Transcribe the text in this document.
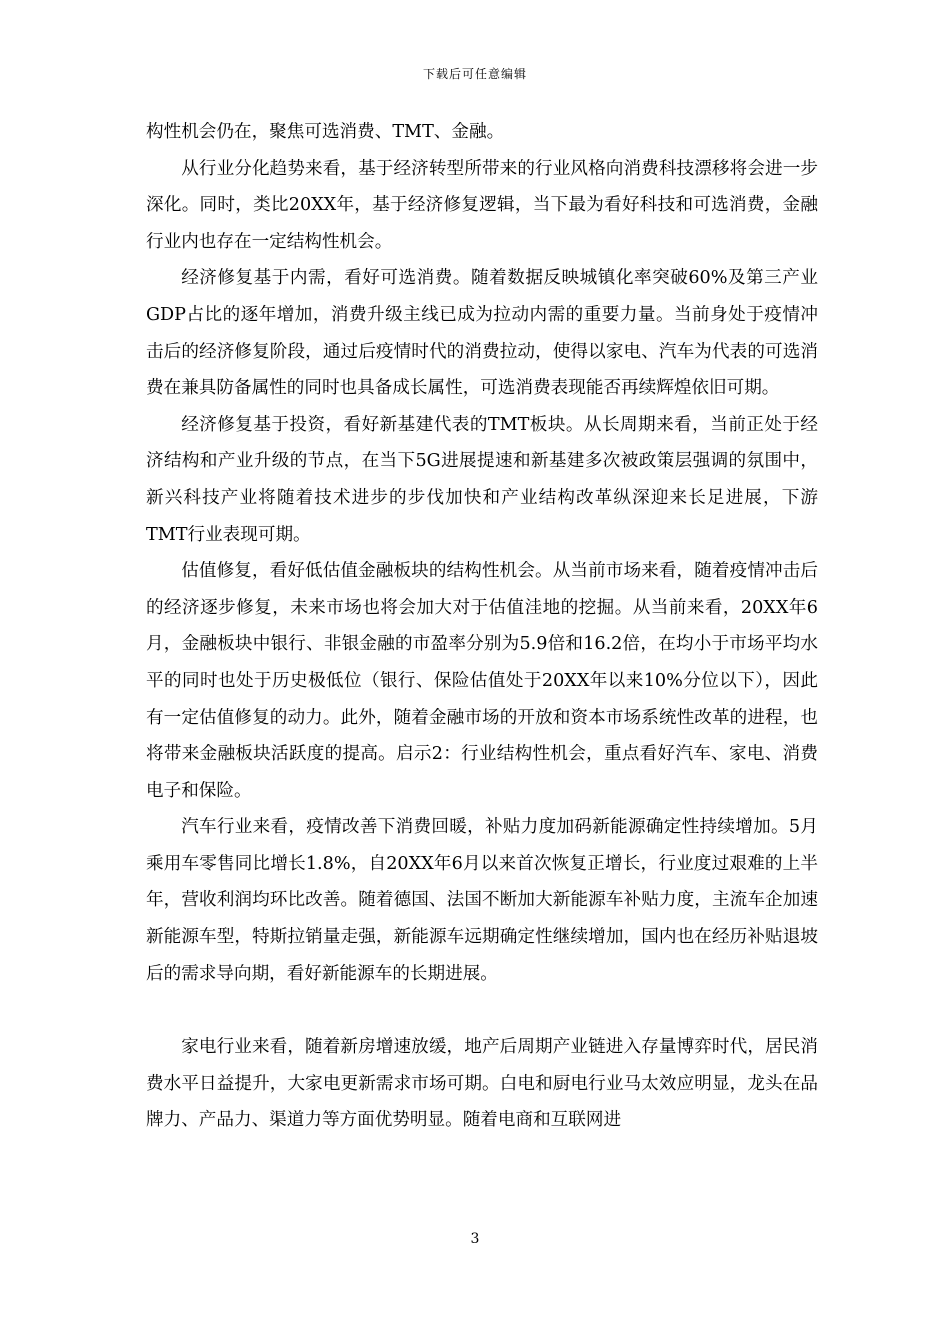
下载后可任意编辑

构性机会仍在，聚焦可选消费、TMT、金融。

从行业分化趋势来看，基于经济转型所带来的行业风格向消费科技漂移将会进一步深化。同时，类比20XX年，基于经济修复逻辑，当下最为看好科技和可选消费，金融行业内也存在一定结构性机会。

经济修复基于内需，看好可选消费。随着数据反映城镇化率突破60%及第三产业GDP占比的逐年增加，消费升级主线已成为拉动内需的重要力量。当前身处于疫情冲击后的经济修复阶段，通过后疫情时代的消费拉动，使得以家电、汽车为代表的可选消费在兼具防备属性的同时也具备成长属性，可选消费表现能否再续辉煌依旧可期。

经济修复基于投资，看好新基建代表的TMT板块。从长周期来看，当前正处于经济结构和产业升级的节点，在当下5G进展提速和新基建多次被政策层强调的氛围中，新兴科技产业将随着技术进步的步伐加快和产业结构改革纵深迎来长足进展，下游TMT行业表现可期。

估值修复，看好低估值金融板块的结构性机会。从当前市场来看，随着疫情冲击后的经济逐步修复，未来市场也将会加大对于估值洼地的挖掘。从当前来看，20XX年6月，金融板块中银行、非银金融的市盈率分别为5.9倍和16.2倍，在均小于市场平均水平的同时也处于历史极低位（银行、保险估值处于20XX年以来10%分位以下），因此有一定估值修复的动力。此外，随着金融市场的开放和资本市场系统性改革的进程，也将带来金融板块活跃度的提高。启示2：行业结构性机会，重点看好汽车、家电、消费电子和保险。

汽车行业来看，疫情改善下消费回暖，补贴力度加码新能源确定性持续增加。5月乘用车零售同比增长1.8%，自20XX年6月以来首次恢复正增长，行业度过艰难的上半年，营收利润均环比改善。随着德国、法国不断加大新能源车补贴力度，主流车企加速新能源车型，特斯拉销量走强，新能源车远期确定性继续增加，国内也在经历补贴退坡后的需求导向期，看好新能源车的长期进展。

家电行业来看，随着新房增速放缓，地产后周期产业链进入存量博弈时代，居民消费水平日益提升，大家电更新需求市场可期。白电和厨电行业马太效应明显，龙头在品牌力、产品力、渠道力等方面优势明显。随着电商和互联网进

3
